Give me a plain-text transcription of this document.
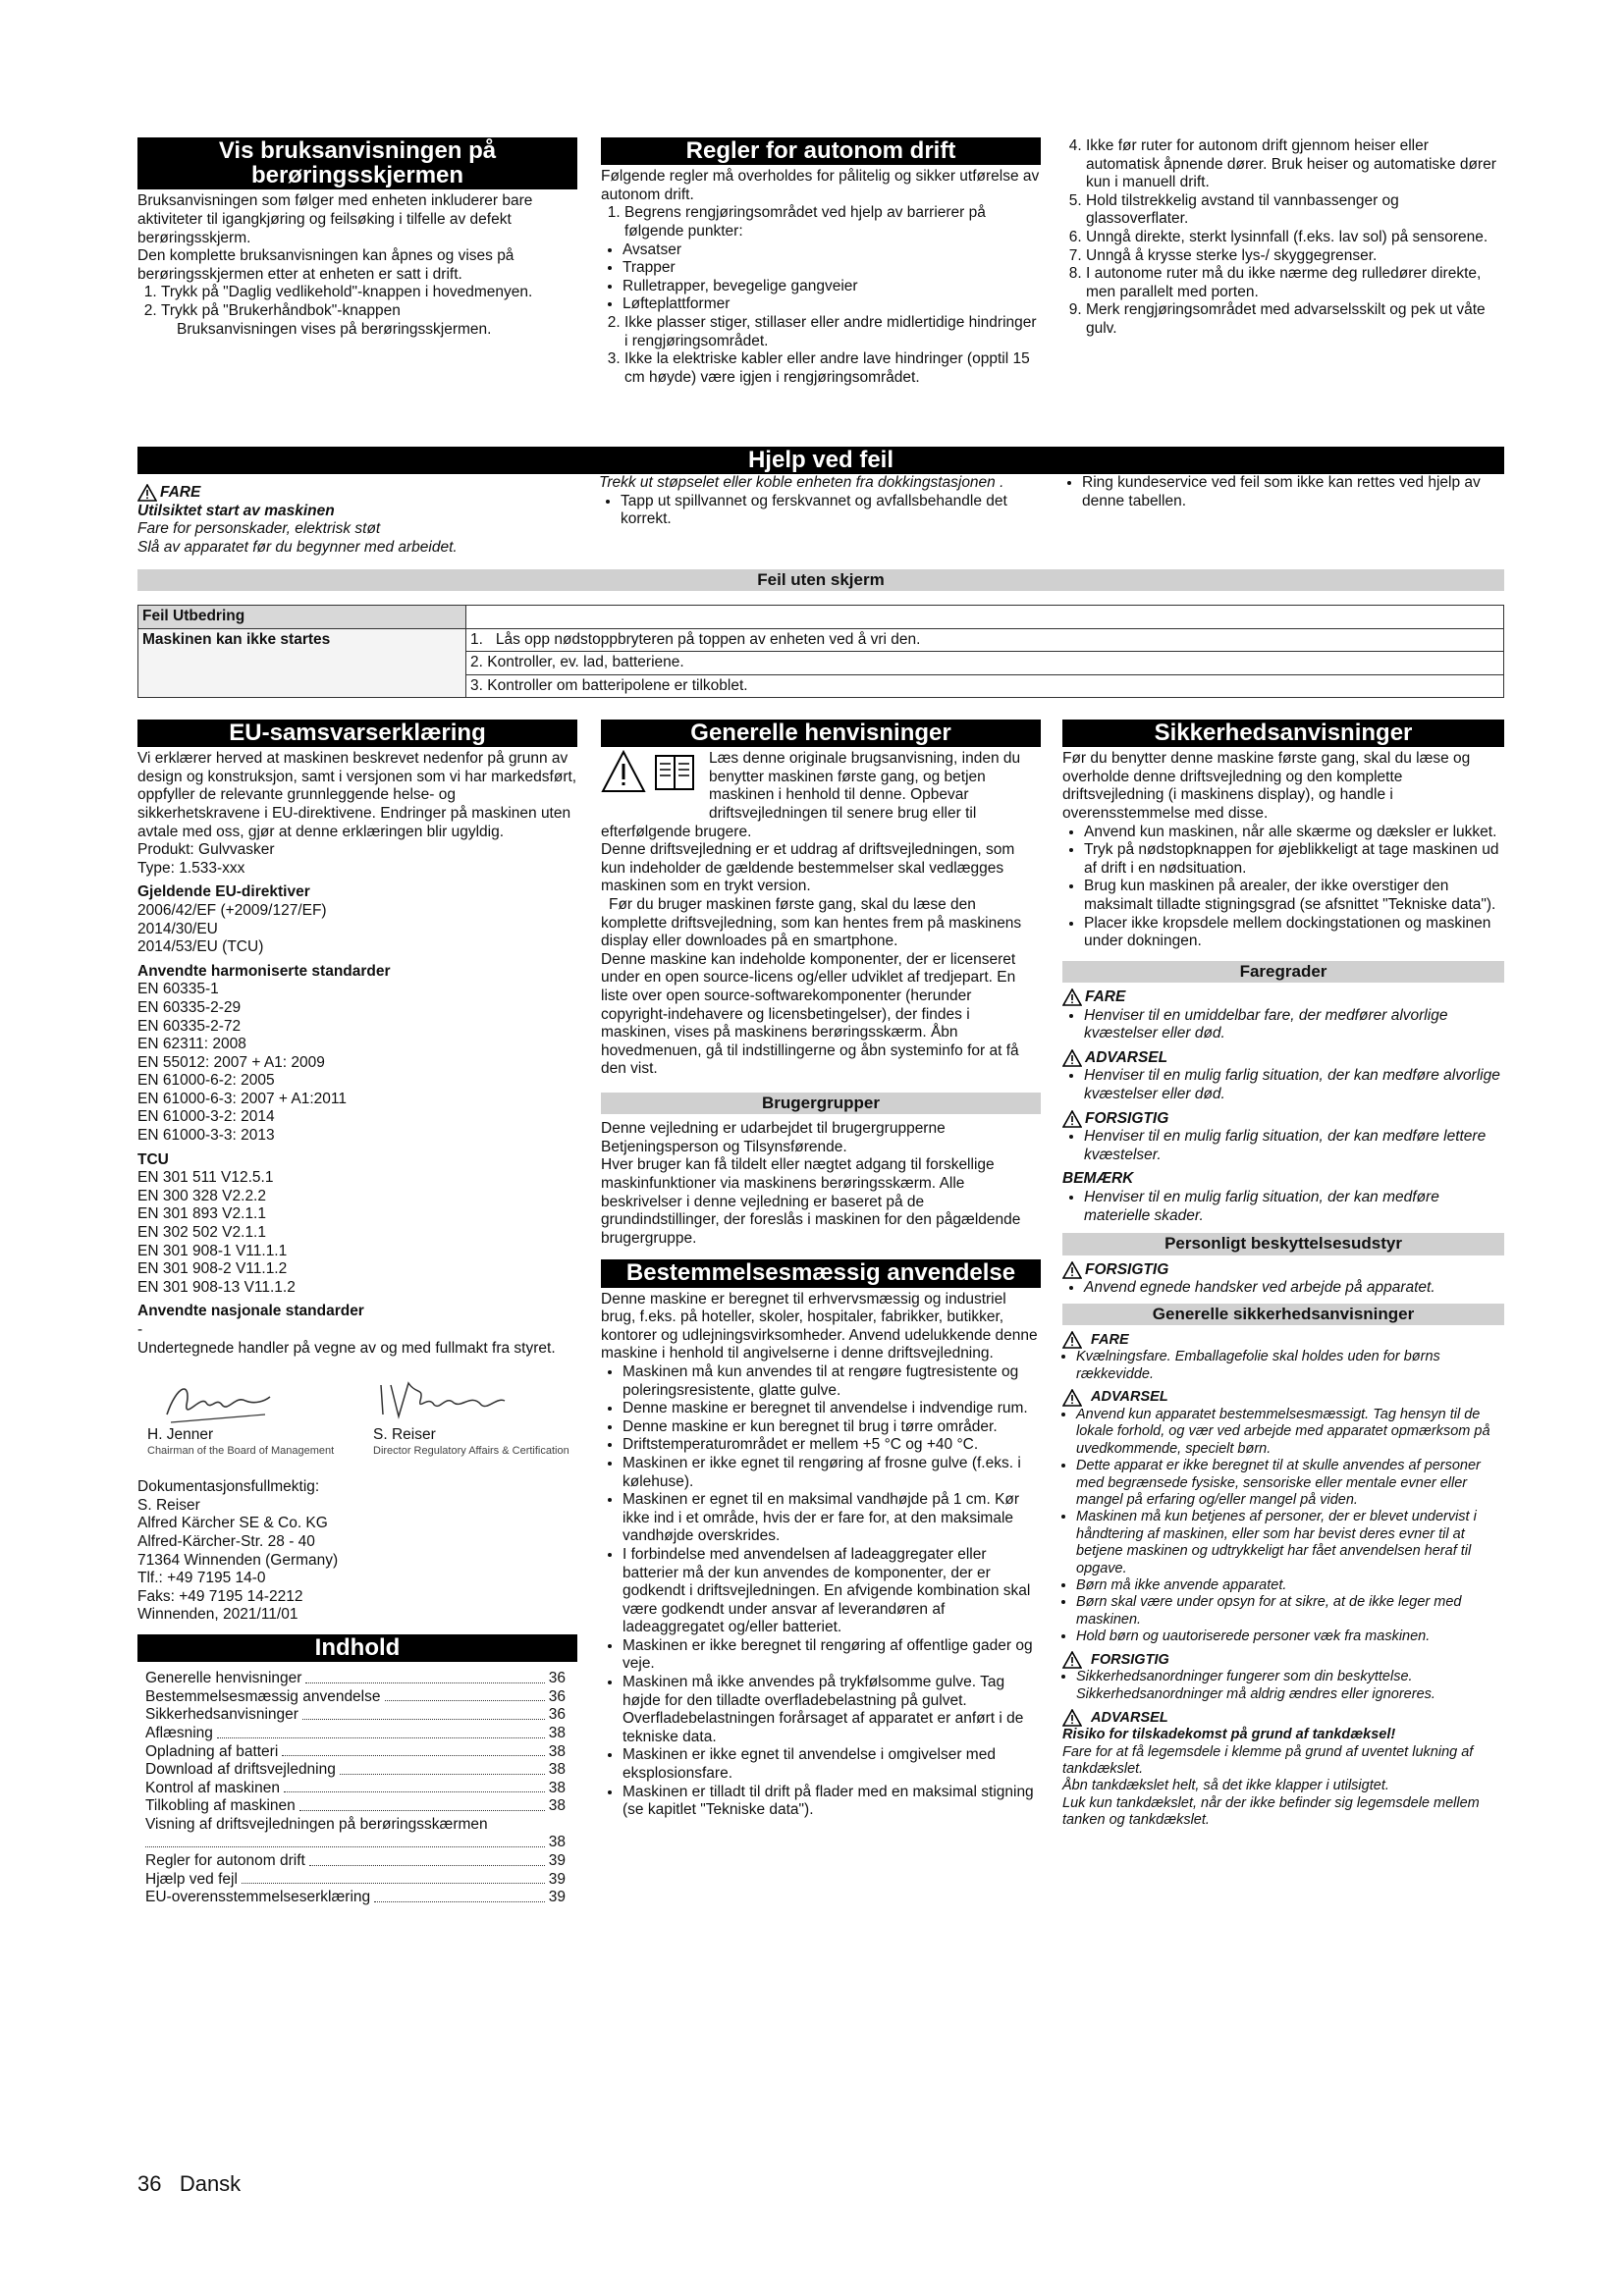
Vis bruksanvisningen på
berøringsskjermen

Bruksanvisningen som følger med enheten inkluderer bare aktiviteter til igangkjøring og feilsøking i tilfelle av defekt berøringsskjerm.

Den komplette bruksanvisningen kan åpnes og vises på berøringsskjermen etter at enheten er satt i drift.

1. Trykk på "Daglig vedlikehold"-knappen i hovedmenyen.
2. Trykk på "Brukerhåndbok"-knappen

Bruksanvisningen vises på berøringsskjermen.

Regler for autonom drift

Følgende regler må overholdes for pålitelig og sikker utførelse av autonom drift.

1. Begrens rengjøringsområdet ved hjelp av barrierer på følgende punkter:
• Avsatser
• Trapper
• Rulletrapper, bevegelige gangveier
• Løfteplattformer
2. Ikke plasser stiger, stillaser eller andre midlertidige hindringer i rengjøringsområdet.
3. Ikke la elektriske kabler eller andre lave hindringer (opptil 15 cm høyde) være igjen i rengjøringsområdet.
4. Ikke før ruter for autonom drift gjennom heiser eller automatisk åpnende dører. Bruk heiser og automatiske dører kun i manuell drift.
5. Hold tilstrekkelig avstand til vannbassenger og glassoverflater.
6. Unngå direkte, sterkt lysinnfall (f.eks. lav sol) på sensorene.
7. Unngå å krysse sterke lys-/ skyggegrenser.
8. I autonome ruter må du ikke nærme deg rulledører direkte, men parallelt med porten.
9. Merk rengjøringsområdet med advarselsskilt og pek ut våte gulv.
Hjelp ved feil
FARE

Utilsiktet start av maskinen

Fare for personskader, elektrisk støt

Slå av apparatet før du begynner med arbeidet.

Trekk ut støpselet eller koble enheten fra dokkingstasjonen .

• Tapp ut spillvannet og ferskvannet og avfallsbehandle det korrekt.
• Ring kundeservice ved feil som ikke kan rettes ved hjelp av denne tabellen.
Feil uten skjerm
Feil Utbedring	
Maskinen kan ikke startes	1.   Lås opp nødstoppbryteren på toppen av enheten ved å vri den.
2. Kontroller, ev. lad, batteriene.
3. Kontroller om batteripolene er tilkoblet.
EU-samsvarserklæring

Vi erklærer herved at maskinen beskrevet nedenfor på grunn av design og konstruksjon, samt i versjonen som vi har markedsført, oppfyller de relevante grunnleggende helse- og sikkerhetskravene i EU-direktivene. Endringer på maskinen uten avtale med oss, gjør at denne erklæringen blir ugyldig.

Produkt: Gulvvasker

Type: 1.533-xxx

Gjeldende EU-direktiver

2006/42/EF (+2009/127/EF)

2014/30/EU

2014/53/EU (TCU)

Anvendte harmoniserte standarder

EN 60335-1

EN 60335-2-29

EN 60335-2-72

EN 62311: 2008

EN 55012: 2007 + A1: 2009

EN 61000-6-2: 2005

EN 61000-6-3: 2007 + A1:2011

EN 61000-3-2: 2014

EN 61000-3-3: 2013

TCU

EN 301 511 V12.5.1

EN 300 328 V2.2.2

EN 301 893 V2.1.1

EN 302 502 V2.1.1

EN 301 908-1 V11.1.1

EN 301 908-2 V11.1.2

EN 301 908-13 V11.1.2

Anvendte nasjonale standarder

-

Undertegnede handler på vegne av og med fullmakt fra styret.

H. Jenner

Chairman of the Board of Management

S. Reiser

Director Regulatory Affairs & Certification

Dokumentasjonsfullmektig:

S. Reiser

Alfred Kärcher SE & Co. KG

Alfred-Kärcher-Str. 28 - 40

71364 Winnenden (Germany)

Tlf.: +49 7195 14-0

Faks: +49 7195 14-2212

Winnenden, 2021/11/01

Indhold
Generelle henvisninger	36
Bestemmelsesmæssig anvendelse	36
Sikkerhedsanvisninger	36
Aflæsning	38
Opladning af batteri	38
Download af driftsvejledning	38
Kontrol af maskinen	38
Tilkobling af maskinen	38
Visning af driftsvejledningen på berøringsskærmen
38
Regler for autonom drift	39
Hjælp ved fejl	39
EU-overensstemmelseserklæring	39
Generelle henvisninger

Læs denne originale brugsanvisning, inden du benytter maskinen første gang, og betjen maskinen i henhold til denne. Opbevar driftsvejledningen til senere brug eller til efterfølgende brugere.

Denne driftsvejledning er et uddrag af driftsvejledningen, som kun indeholder de gældende bestemmelser skal vedlægges maskinen som en trykt version.

Før du bruger maskinen første gang, skal du læse den komplette driftsvejledning, som kan hentes frem på maskinens display eller downloades på en smartphone.

Denne maskine kan indeholde komponenter, der er licenseret under en open source-licens og/eller udviklet af tredjepart. En liste over open source-softwarekomponenter (herunder copyright-indehavere og licensbetingelser), der findes i maskinen, vises på maskinens berøringsskærm. Åbn hovedmenuen, gå til indstillingerne og åbn systeminfo for at få den vist.

Brugergrupper

Denne vejledning er udarbejdet til brugergrupperne Betjeningsperson og Tilsynsførende.

Hver bruger kan få tildelt eller nægtet adgang til forskellige maskinfunktioner via maskinens berøringsskærm. Alle beskrivelser i denne vejledning er baseret på de grundindstillinger, der foreslås i maskinen for den pågældende brugergruppe.

Bestemmelsesmæssig anvendelse

Denne maskine er beregnet til erhvervsmæssig og industriel brug, f.eks. på hoteller, skoler, hospitaler, fabrikker, butikker, kontorer og udlejningsvirksomheder. Anvend udelukkende denne maskine i henhold til angivelserne i denne driftsvejledning.

• Maskinen må kun anvendes til at rengøre fugtresistente og poleringsresistente, glatte gulve.
• Denne maskine er beregnet til anvendelse i indvendige rum.
• Denne maskine er kun beregnet til brug i tørre områder.
• Driftstemperaturområdet er mellem +5 °C og +40 °C.
• Maskinen er ikke egnet til rengøring af frosne gulve (f.eks. i kølehuse).
• Maskinen er egnet til en maksimal vandhøjde på 1 cm. Kør ikke ind i et område, hvis der er fare for, at den maksimale vandhøjde overskrides.
• I forbindelse med anvendelsen af ladeaggregater eller batterier må der kun anvendes de komponenter, der er godkendt i driftsvejledningen. En afvigende kombination skal være godkendt under ansvar af leverandøren af ladeaggregatet og/eller batteriet.
• Maskinen er ikke beregnet til rengøring af offentlige gader og veje.
• Maskinen må ikke anvendes på trykfølsomme gulve. Tag højde for den tilladte overfladebelastning på gulvet. Overfladebelastningen forårsaget af apparatet er anført i de tekniske data.
• Maskinen er ikke egnet til anvendelse i omgivelser med eksplosionsfare.
• Maskinen er tilladt til drift på flader med en maksimal stigning (se kapitlet "Tekniske data").
Sikkerhedsanvisninger

Før du benytter denne maskine første gang, skal du læse og overholde denne driftsvejledning og den komplette driftsvejledning (i maskinens display), og handle i overensstemmelse med disse.

• Anvend kun maskinen, når alle skærme og dæksler er lukket.
• Tryk på nødstopknappen for øjeblikkeligt at tage maskinen ud af drift i en nødsituation.
• Brug kun maskinen på arealer, der ikke overstiger den maksimalt tilladte stigningsgrad (se afsnittet "Tekniske data").
• Placer ikke kropsdele mellem dockingstationen og maskinen under dokningen.
Faregrader
FARE
• Henviser til en umiddelbar fare, der medfører alvorlige kvæstelser eller død.
ADVARSEL
• Henviser til en mulig farlig situation, der kan medføre alvorlige kvæstelser eller død.
FORSIGTIG
• Henviser til en mulig farlig situation, der kan medføre lettere kvæstelser.
BEMÆRK
• Henviser til en mulig farlig situation, der kan medføre materielle skader.
Personligt beskyttelsesudstyr
FORSIGTIG
• Anvend egnede handsker ved arbejde på apparatet.
Generelle sikkerhedsanvisninger
FARE
• Kvælningsfare. Emballagefolie skal holdes uden for børns rækkevidde.
ADVARSEL
• Anvend kun apparatet bestemmelsesmæssigt. Tag hensyn til de lokale forhold, og vær ved arbejde med apparatet opmærksom på uvedkommende, specielt børn.
• Dette apparat er ikke beregnet til at skulle anvendes af personer med begrænsede fysiske, sensoriske eller mentale evner eller mangel på erfaring og/eller mangel på viden.
• Maskinen må kun betjenes af personer, der er blevet undervist i håndtering af maskinen, eller som har bevist deres evner til at betjene maskinen og udtrykkeligt har fået anvendelsen heraf til opgave.
• Børn må ikke anvende apparatet.
• Børn skal være under opsyn for at sikre, at de ikke leger med maskinen.
• Hold børn og uautoriserede personer væk fra maskinen.
FORSIGTIG
• Sikkerhedsanordninger fungerer som din beskyttelse. Sikkerhedsanordninger må aldrig ændres eller ignoreres.
ADVARSEL

Risiko for tilskadekomst på grund af tankdæksel!

Fare for at få legemsdele i klemme på grund af uventet lukning af tankdækslet.

Åbn tankdækslet helt, så det ikke klapper i utilsigtet.

Luk kun tankdækslet, når der ikke befinder sig legemsdele mellem tanken og tankdækslet.

36 Dansk
